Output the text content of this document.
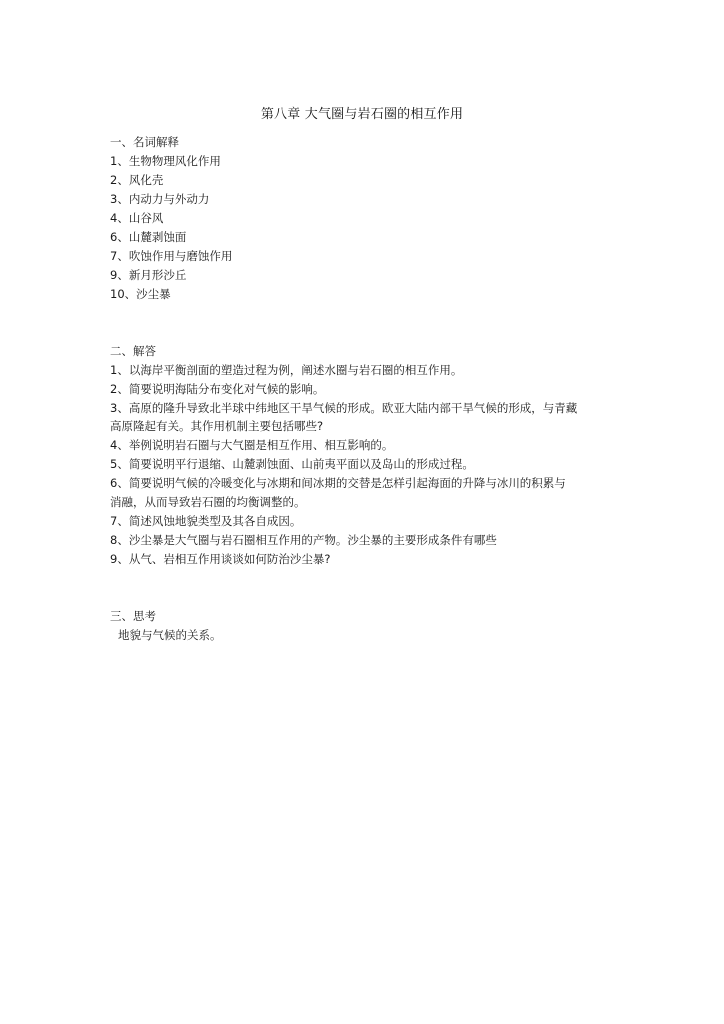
第八章 大气圈与岩石圈的相互作用
一、名词解释
1、生物物理风化作用
2、风化壳
3、内动力与外动力
4、山谷风
6、山麓剥蚀面
7、吹蚀作用与磨蚀作用
9、新月形沙丘
10、沙尘暴
二、解答
1、以海岸平衡剖面的塑造过程为例，阐述水圈与岩石圈的相互作用。
2、简要说明海陆分布变化对气候的影响。
3、高原的隆升导致北半球中纬地区干旱气候的形成。欧亚大陆内部干旱气候的形成，与青藏
高原隆起有关。其作用机制主要包括哪些?
4、举例说明岩石圈与大气圈是相互作用、相互影响的。
5、简要说明平行退缩、山麓剥蚀面、山前夷平面以及岛山的形成过程。
6、简要说明气候的冷暖变化与冰期和间冰期的交替是怎样引起海面的升降与冰川的积累与
消融，从而导致岩石圈的均衡调整的。
7、简述风蚀地貌类型及其各自成因。
8、沙尘暴是大气圈与岩石圈相互作用的产物。沙尘暴的主要形成条件有哪些
9、从气、岩相互作用谈谈如何防治沙尘暴?
三、思考
地貌与气候的关系。
